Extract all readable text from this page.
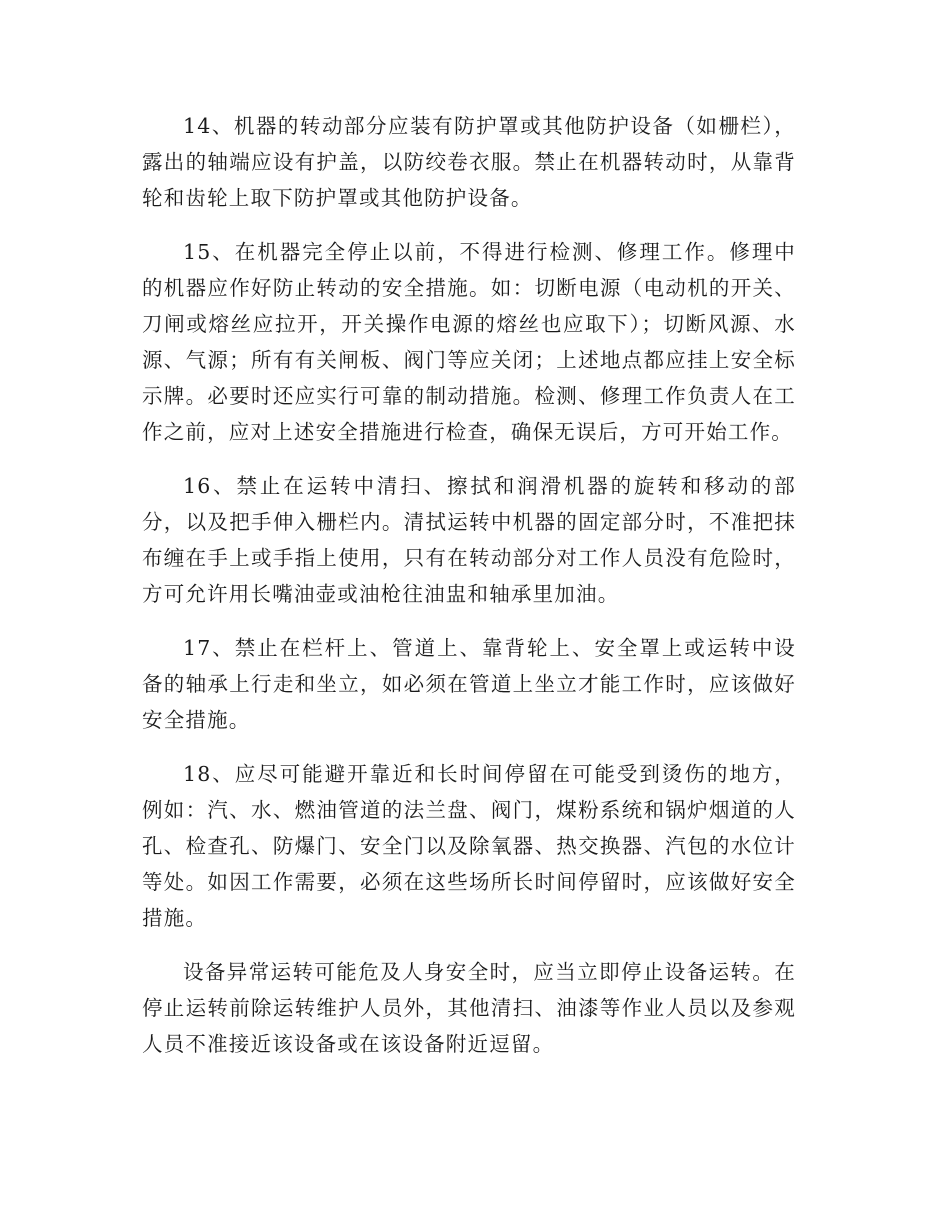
14、机器的转动部分应装有防护罩或其他防护设备（如栅栏），露出的轴端应设有护盖，以防绞卷衣服。禁止在机器转动时，从靠背轮和齿轮上取下防护罩或其他防护设备。

15、在机器完全停止以前，不得进行检测、修理工作。修理中的机器应作好防止转动的安全措施。如：切断电源（电动机的开关、刀闸或熔丝应拉开，开关操作电源的熔丝也应取下）；切断风源、水源、气源；所有有关闸板、阀门等应关闭；上述地点都应挂上安全标示牌。必要时还应实行可靠的制动措施。检测、修理工作负责人在工作之前，应对上述安全措施进行检查，确保无误后，方可开始工作。

16、禁止在运转中清扫、擦拭和润滑机器的旋转和移动的部分，以及把手伸入栅栏内。清拭运转中机器的固定部分时，不准把抹布缠在手上或手指上使用，只有在转动部分对工作人员没有危险时，方可允许用长嘴油壶或油枪往油盅和轴承里加油。

17、禁止在栏杆上、管道上、靠背轮上、安全罩上或运转中设备的轴承上行走和坐立，如必须在管道上坐立才能工作时，应该做好安全措施。

18、应尽可能避开靠近和长时间停留在可能受到烫伤的地方，例如：汽、水、燃油管道的法兰盘、阀门，煤粉系统和锅炉烟道的人孔、检查孔、防爆门、安全门以及除氧器、热交换器、汽包的水位计等处。如因工作需要，必须在这些场所长时间停留时，应该做好安全措施。

设备异常运转可能危及人身安全时，应当立即停止设备运转。在停止运转前除运转维护人员外，其他清扫、油漆等作业人员以及参观人员不准接近该设备或在该设备附近逗留。
